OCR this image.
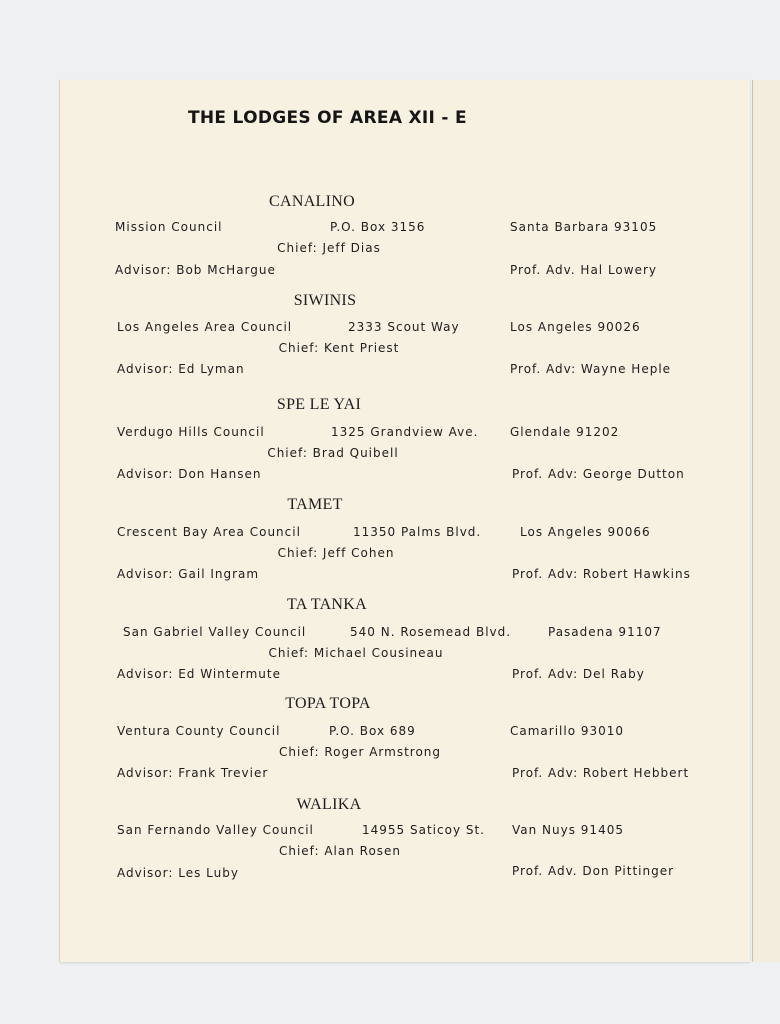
THE LODGES OF AREA XII - E
CANALINO
Mission Council	P.O. Box 3156	Santa Barbara 93105
Chief: Jeff Dias
Advisor: Bob McHargue	Prof. Adv. Hal Lowery
SIWINIS
Los Angeles Area Council	2333 Scout Way	Los Angeles 90026
Chief: Kent Priest
Advisor: Ed Lyman	Prof. Adv: Wayne Heple
SPE LE YAI
Verdugo Hills Council	1325 Grandview Ave.	Glendale 91202
Chief: Brad Quibell
Advisor: Don Hansen	Prof. Adv: George Dutton
TAMET
Crescent Bay Area Council	11350 Palms Blvd.	Los Angeles 90066
Chief: Jeff Cohen
Advisor: Gail Ingram	Prof. Adv: Robert Hawkins
TA TANKA
San Gabriel Valley Council	540 N. Rosemead Blvd.	Pasadena 91107
Chief: Michael Cousineau
Advisor: Ed Wintermute	Prof. Adv: Del Raby
TOPA TOPA
Ventura County Council	P.O. Box 689	Camarillo 93010
Chief: Roger Armstrong
Advisor: Frank Trevier	Prof. Adv: Robert Hebbert
WALIKA
San Fernando Valley Council	14955 Saticoy St. Van Nuys 91405
Chief: Alan Rosen
Advisor: Les Luby	Prof. Adv. Don Pittinger
